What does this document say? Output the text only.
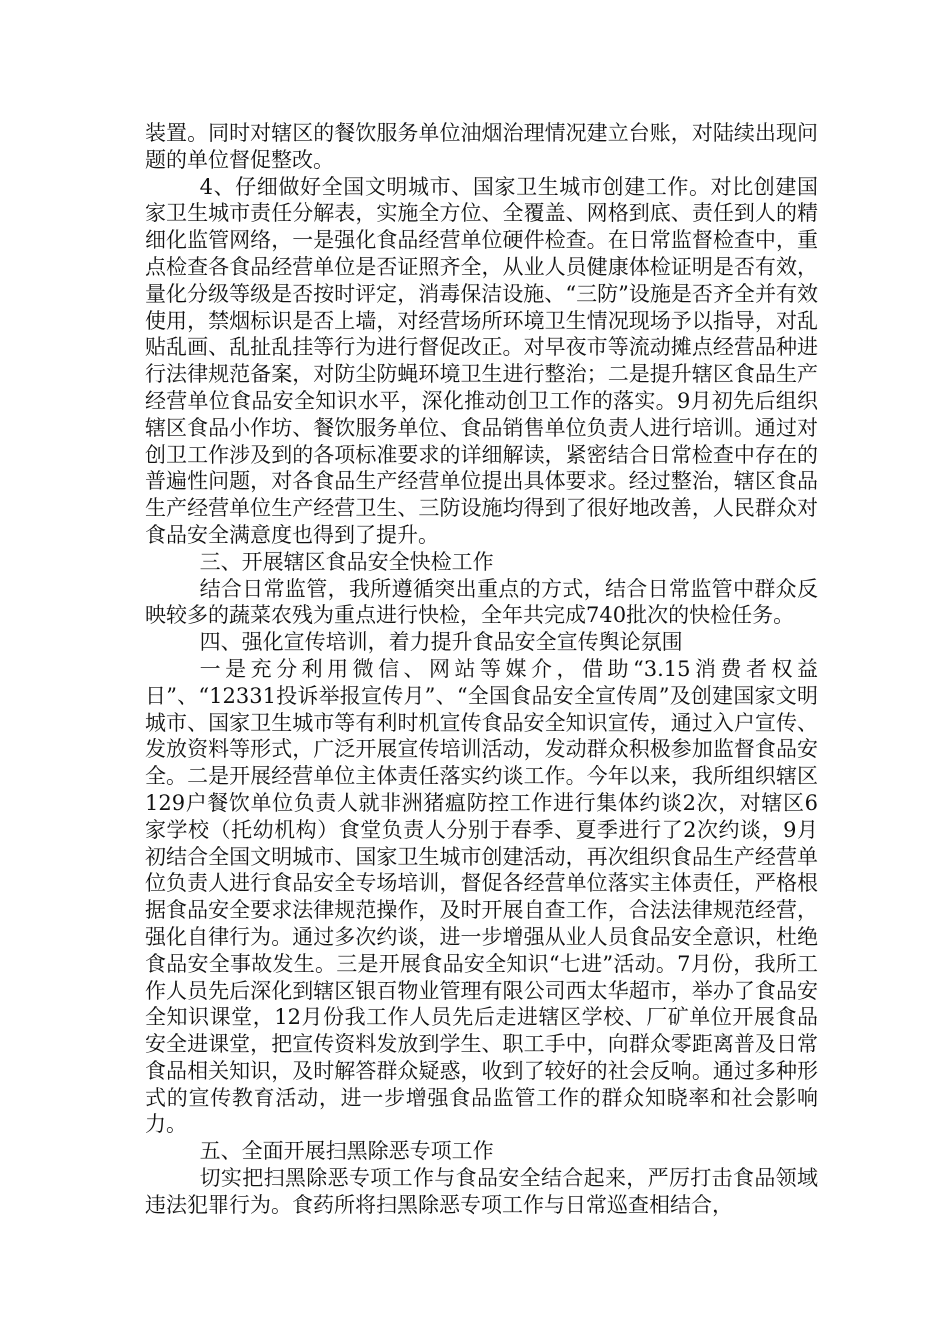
装置。同时对辖区的餐饮服务单位油烟治理情况建立台账，对陆续出现问题的单位督促整改。

4、仔细做好全国文明城市、国家卫生城市创建工作。对比创建国家卫生城市责任分解表，实施全方位、全覆盖、网格到底、责任到人的精细化监管网络，一是强化食品经营单位硬件检查。在日常监督检查中，重点检查各食品经营单位是否证照齐全，从业人员健康体检证明是否有效，量化分级等级是否按时评定，消毒保洁设施、“三防”设施是否齐全并有效使用，禁烟标识是否上墙，对经营场所环境卫生情况现场予以指导，对乱贴乱画、乱扯乱挂等行为进行督促改正。对早夜市等流动摊点经营品种进行法律规范备案，对防尘防蝇环境卫生进行整治；二是提升辖区食品生产经营单位食品安全知识水平，深化推动创卫工作的落实。9月初先后组织辖区食品小作坊、餐饮服务单位、食品销售单位负责人进行培训。通过对创卫工作涉及到的各项标准要求的详细解读，紧密结合日常检查中存在的普遍性问题，对各食品生产经营单位提出具体要求。经过整治，辖区食品生产经营单位生产经营卫生、三防设施均得到了很好地改善，人民群众对食品安全满意度也得到了提升。

三、开展辖区食品安全快检工作

结合日常监管，我所遵循突出重点的方式，结合日常监管中群众反映较多的蔬菜农残为重点进行快检，全年共完成740批次的快检任务。

四、强化宣传培训，着力提升食品安全宣传舆论氛围

一是充分利用微信、网站等媒介，借助“3.15消费者权益日”、“12331投诉举报宣传月”、“全国食品安全宣传周”及创建国家文明城市、国家卫生城市等有利时机宣传食品安全知识宣传，通过入户宣传、发放资料等形式，广泛开展宣传培训活动，发动群众积极参加监督食品安全。二是开展经营单位主体责任落实约谈工作。今年以来，我所组织辖区129户餐饮单位负责人就非洲猪瘟防控工作进行集体约谈2次，对辖区6家学校（托幼机构）食堂负责人分别于春季、夏季进行了2次约谈，9月初结合全国文明城市、国家卫生城市创建活动，再次组织食品生产经营单位负责人进行食品安全专场培训，督促各经营单位落实主体责任，严格根据食品安全要求法律规范操作，及时开展自查工作，合法法律规范经营，强化自律行为。通过多次约谈，进一步增强从业人员食品安全意识，杜绝食品安全事故发生。三是开展食品安全知识“七进”活动。7月份，我所工作人员先后深化到辖区银百物业管理有限公司西太华超市，举办了食品安全知识课堂，12月份我工作人员先后走进辖区学校、厂矿单位开展食品安全进课堂，把宣传资料发放到学生、职工手中，向群众零距离普及日常食品相关知识，及时解答群众疑惑，收到了较好的社会反响。通过多种形式的宣传教育活动，进一步增强食品监管工作的群众知晓率和社会影响力。

五、全面开展扫黑除恶专项工作

切实把扫黑除恶专项工作与食品安全结合起来，严厉打击食品领域违法犯罪行为。食药所将扫黑除恶专项工作与日常巡查相结合，
